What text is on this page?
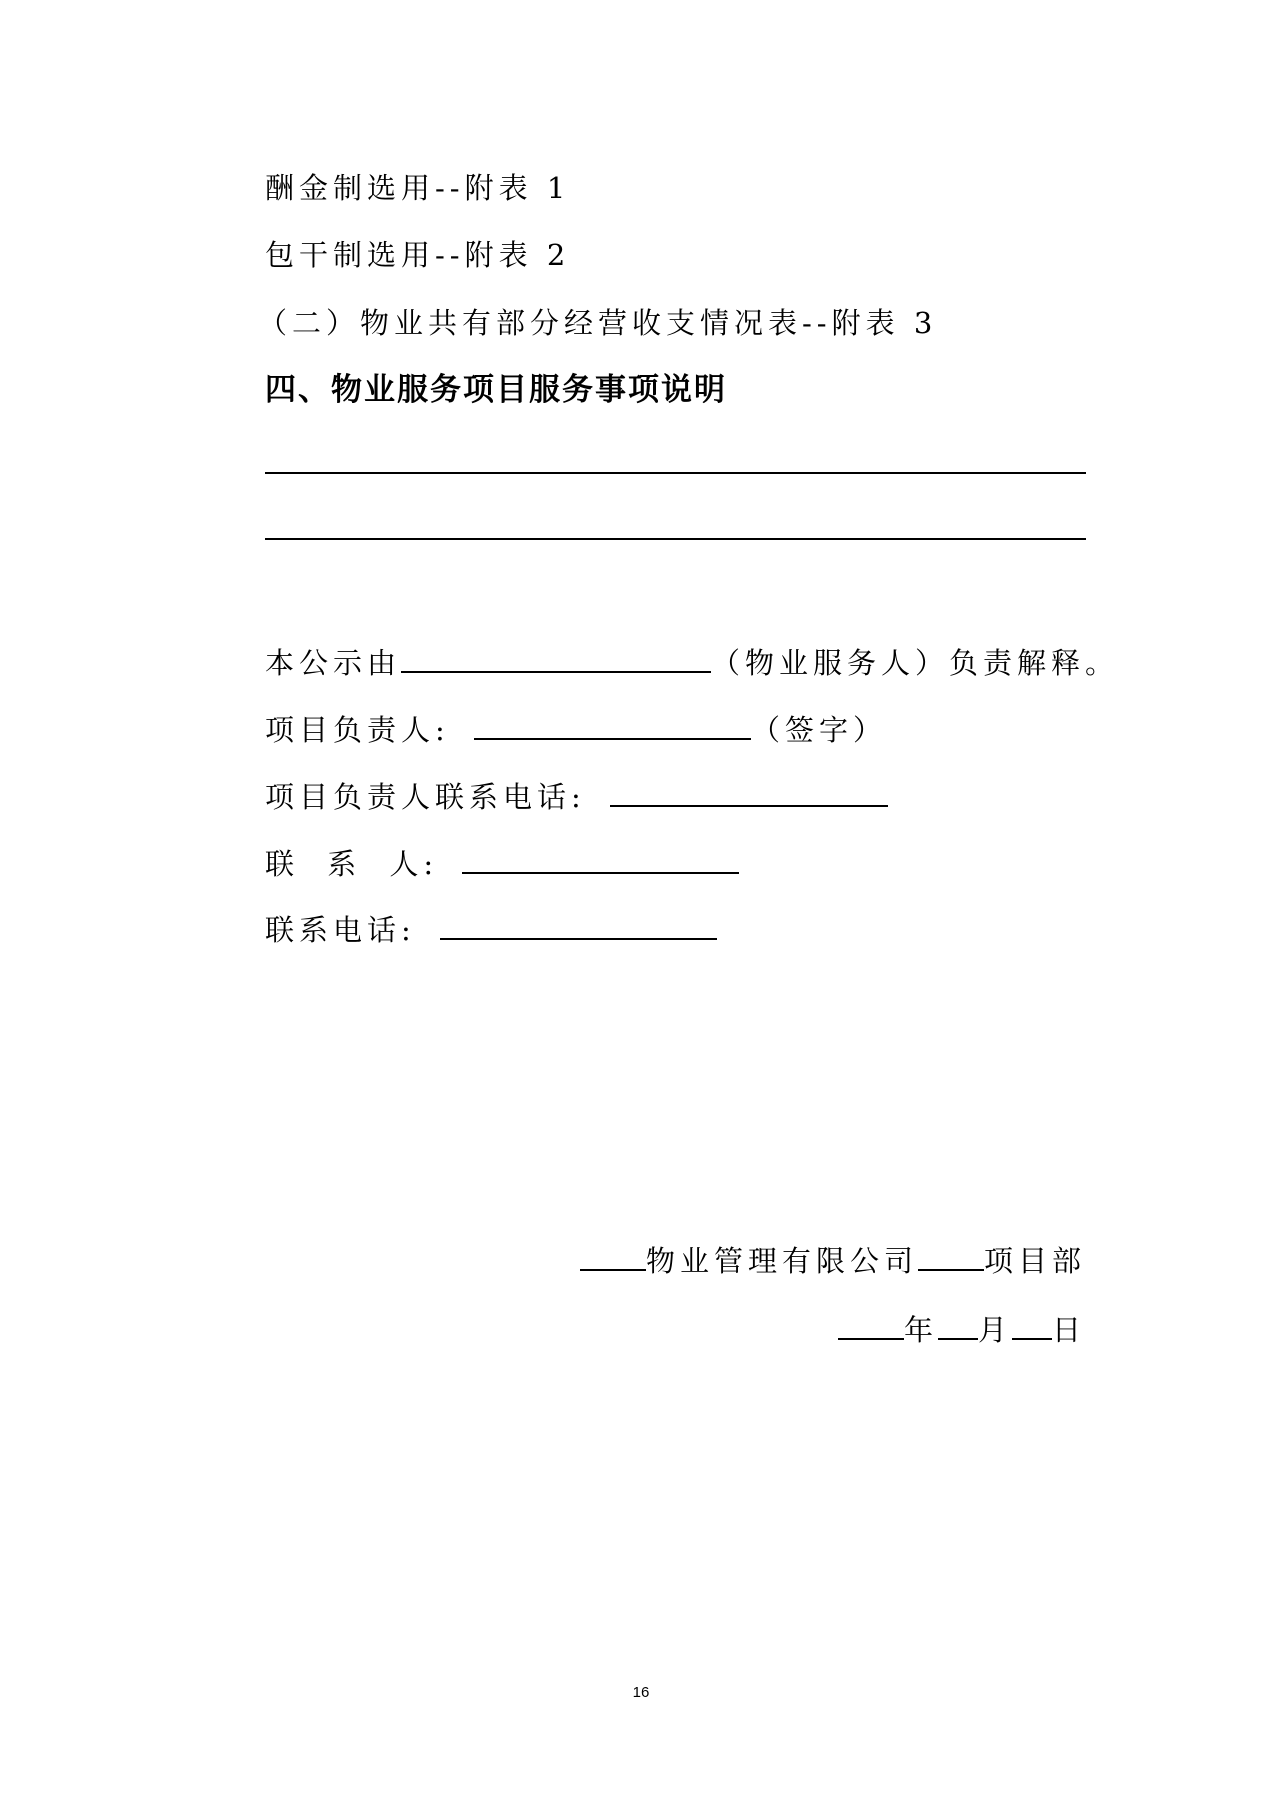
酬金制选用--附表 1
包干制选用--附表 2
（二）物业共有部分经营收支情况表--附表 3
四、物业服务项目服务事项说明
本公示由	（物业服务人）负责解释。
项目负责人:	（签字）
项目负责人联系电话:
联 系 人:
联系电话:
物业管理有限公司 项目部
年 月 日
16
